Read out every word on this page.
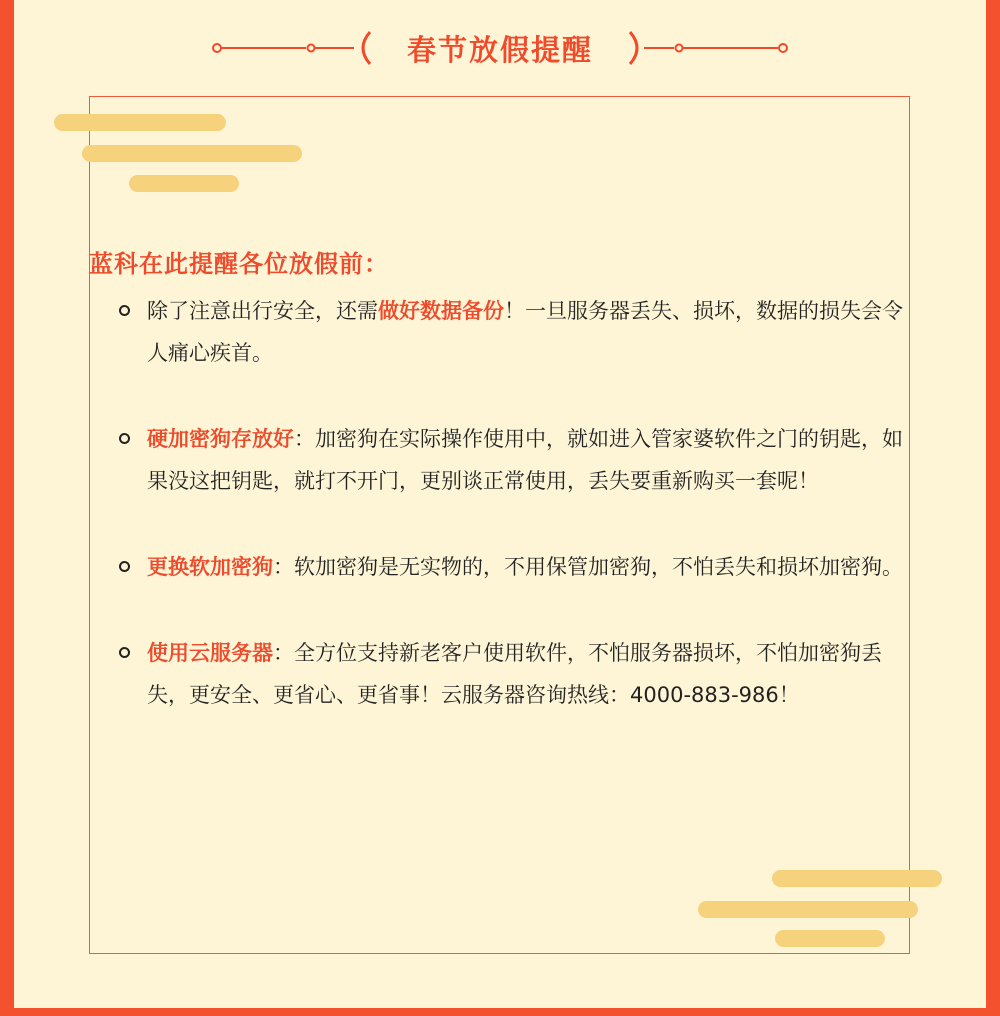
春节放假提醒
蓝科在此提醒各位放假前：
除了注意出行安全，还需做好数据备份！一旦服务器丢失、损坏，数据的损失会令人痛心疾首。
硬加密狗存放好：加密狗在实际操作使用中，就如进入管家婆软件之门的钥匙，如果没这把钥匙，就打不开门，更别谈正常使用，丢失要重新购买一套呢！
更换软加密狗：软加密狗是无实物的，不用保管加密狗，不怕丢失和损坏加密狗。
使用云服务器：全方位支持新老客户使用软件，不怕服务器损坏，不怕加密狗丢失，更安全、更省心、更省事！云服务器咨询热线：4000-883-986！
